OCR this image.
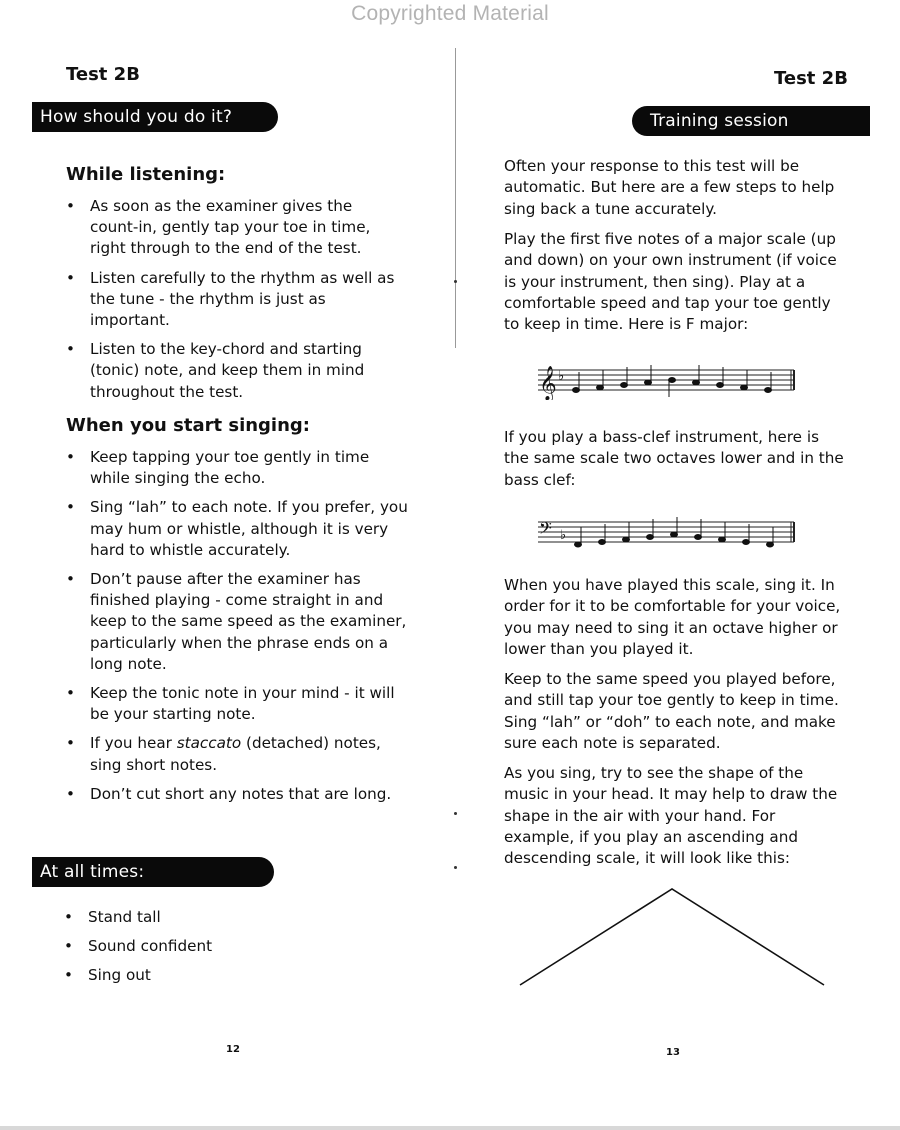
Copyrighted Material
Test 2B
How should you do it?
While listening:
• As soon as the examiner gives the count-in, gently tap your toe in time, right through to the end of the test.
• Listen carefully to the rhythm as well as the tune - the rhythm is just as important.
• Listen to the key-chord and starting (tonic) note, and keep them in mind throughout the test.
When you start singing:
• Keep tapping your toe gently in time while singing the echo.
• Sing “lah” to each note. If you prefer, you may hum or whistle, although it is very hard to whistle accurately.
• Don’t pause after the examiner has finished playing - come straight in and keep to the same speed as the examiner, particularly when the phrase ends on a long note.
• Keep the tonic note in your mind - it will be your starting note.
• If you hear staccato (detached) notes, sing short notes.
• Don’t cut short any notes that are long.
At all times:
• Stand tall
• Sound confident
• Sing out
12
Test 2B
Training session
Often your response to this test will be automatic. But here are a few steps to help sing back a tune accurately.
Play the first five notes of a major scale (up and down) on your own instrument (if voice is your instrument, then sing). Play at a comfortable speed and tap your toe gently to keep in time. Here is F major:
𝄞 ♭
If you play a bass-clef instrument, here is the same scale two octaves lower and in the bass clef:
𝄢 ♭
When you have played this scale, sing it. In order for it to be comfortable for your voice, you may need to sing it an octave higher or lower than you played it.
Keep to the same speed you played before, and still tap your toe gently to keep in time. Sing “lah” or “doh” to each note, and make sure each note is separated.
As you sing, try to see the shape of the music in your head. It may help to draw the shape in the air with your hand. For example, if you play an ascending and descending scale, it will look like this:
13
